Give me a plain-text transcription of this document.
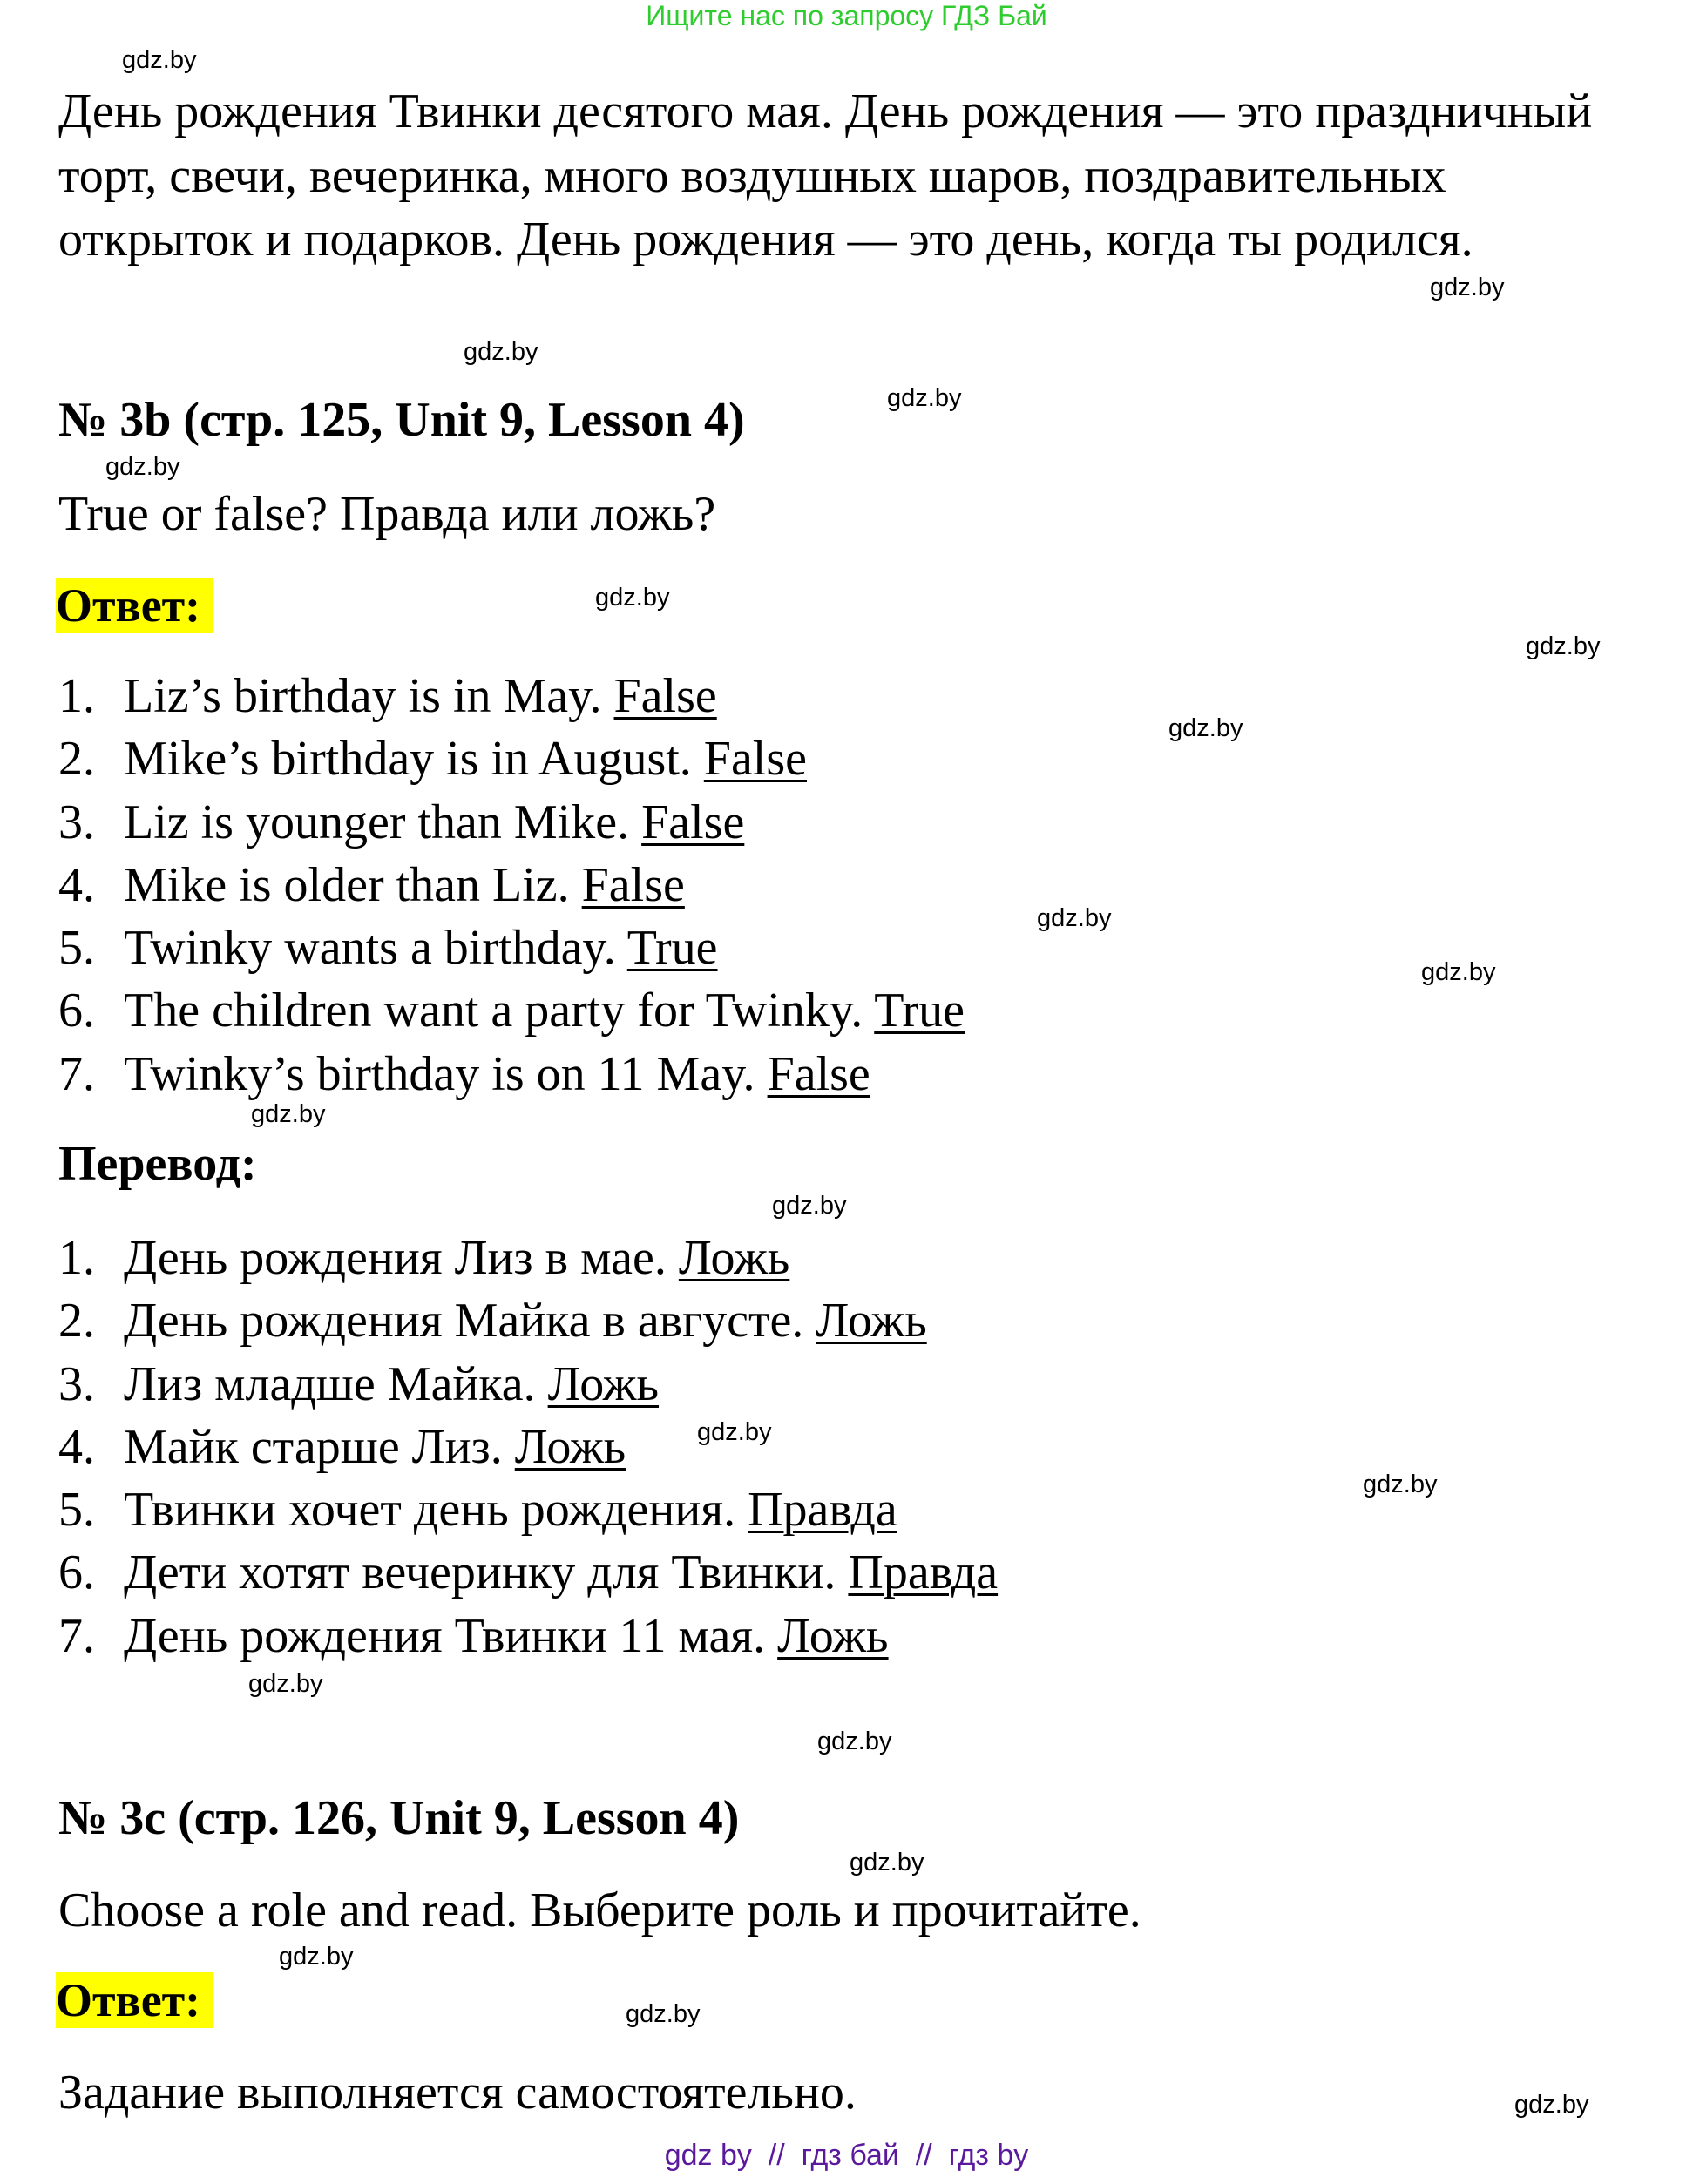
Ищите нас по запросу ГДЗ Бай
День рождения Твинки десятого мая. День рождения — это праздничный
торт, свечи, вечеринка, много воздушных шаров, поздравительных
открыток и подарков. День рождения — это день, когда ты родился.
№ 3b (стр. 125, Unit 9, Lesson 4)
True or false? Правда или ложь?
Ответ:
1. Liz’s birthday is in May. False
2. Mike’s birthday is in August. False
3. Liz is younger than Mike. False
4. Mike is older than Liz. False
5. Twinky wants a birthday. True
6. The children want a party for Twinky. True
7. Twinky’s birthday is on 11 May. False
Перевод:
1. День рождения Лиз в мае. Ложь
2. День рождения Майка в августе. Ложь
3. Лиз младше Майка. Ложь
4. Майк старше Лиз. Ложь
5. Твинки хочет день рождения. Правда
6. Дети хотят вечеринку для Твинки. Правда
7. День рождения Твинки 11 мая. Ложь
№ 3c (стр. 126, Unit 9, Lesson 4)
Choose a role and read. Выберите роль и прочитайте.
Ответ:
Задание выполняется самостоятельно.
gdz.by
gdz.by
gdz.by
gdz.by
gdz.by
gdz.by
gdz.by
gdz.by
gdz.by
gdz.by
gdz.by
gdz.by
gdz.by
gdz.by
gdz.by
gdz.by
gdz.by
gdz.by
gdz.by
gdz.by
gdz by  //  гдз бай  //  гдз by
